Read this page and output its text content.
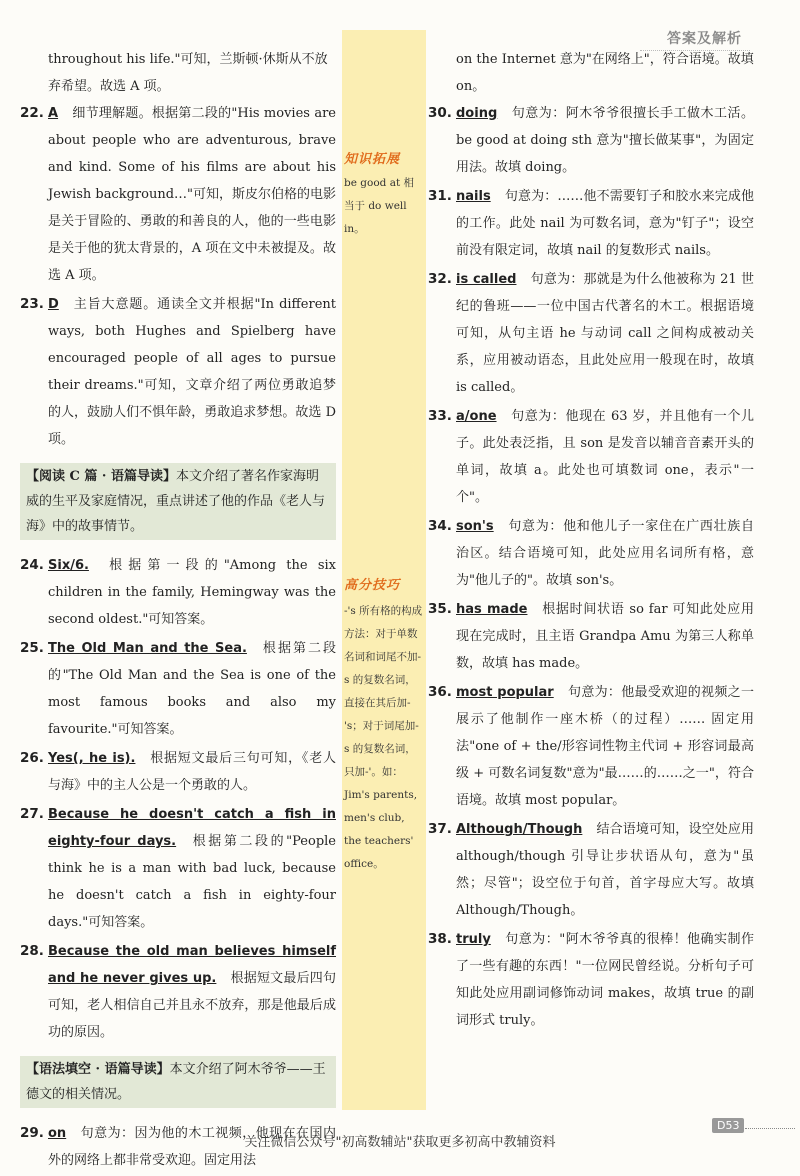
答案及解析
知识拓展
be good at 相当于 do well in。
高分技巧
-'s 所有格的构成方法：对于单数名词和词尾不加-s 的复数名词，直接在其后加-'s；对于词尾加-s 的复数名词，只加-'。如：Jim's parents, men's club, the teachers' office。
throughout his life."可知，兰斯顿·休斯从不放弃希望。故选 A 项。
22. A 细节理解题。根据第二段的"His movies are about people who are adventurous, brave and kind. Some of his films are about his Jewish background…"可知，斯皮尔伯格的电影是关于冒险的、勇敢的和善良的人，他的一些电影是关于他的犹太背景的，A 项在文中未被提及。故选 A 项。
23. D 主旨大意题。通读全文并根据"In different ways, both Hughes and Spielberg have encouraged people of all ages to pursue their dreams."可知，文章介绍了两位勇敢追梦的人，鼓励人们不惧年龄，勇敢追求梦想。故选 D 项。
【阅读 C 篇 · 语篇导读】本文介绍了著名作家海明威的生平及家庭情况，重点讲述了他的作品《老人与海》中的故事情节。
24. Six/6. 根据第一段的"Among the six children in the family, Hemingway was the second oldest."可知答案。
25. The Old Man and the Sea. 根据第二段的"The Old Man and the Sea is one of the most famous books and also my favourite."可知答案。
26. Yes(, he is). 根据短文最后三句可知，《老人与海》中的主人公是一个勇敢的人。
27. Because he doesn't catch a fish in eighty-four days. 根据第二段的"People think he is a man with bad luck, because he doesn't catch a fish in eighty-four days."可知答案。
28. Because the old man believes himself and he never gives up. 根据短文最后四句可知，老人相信自己并且永不放弃，那是他最后成功的原因。
【语法填空 · 语篇导读】本文介绍了阿木爷爷——王德文的相关情况。
29. on 句意为：因为他的木工视频，他现在在国内外的网络上都非常受欢迎。固定用法
on the Internet 意为"在网络上"，符合语境。故填 on。
30. doing 句意为：阿木爷爷很擅长手工做木工活。be good at doing sth 意为"擅长做某事"，为固定用法。故填 doing。
31. nails 句意为：……他不需要钉子和胶水来完成他的工作。此处 nail 为可数名词，意为"钉子"；设空前没有限定词，故填 nail 的复数形式 nails。
32. is called 句意为：那就是为什么他被称为 21 世纪的鲁班——一位中国古代著名的木工。根据语境可知，从句主语 he 与动词 call 之间构成被动关系，应用被动语态，且此处应用一般现在时，故填 is called。
33. a/one 句意为：他现在 63 岁，并且他有一个儿子。此处表泛指，且 son 是发音以辅音音素开头的单词，故填 a。此处也可填数词 one，表示"一个"。
34. son's 句意为：他和他儿子一家住在广西壮族自治区。结合语境可知，此处应用名词所有格，意为"他儿子的"。故填 son's。
35. has made 根据时间状语 so far 可知此处应用现在完成时，且主语 Grandpa Amu 为第三人称单数，故填 has made。
36. most popular 句意为：他最受欢迎的视频之一展示了他制作一座木桥（的过程）…… 固定用法"one of + the/形容词性物主代词 + 形容词最高级 + 可数名词复数"意为"最……的……之一"，符合语境。故填 most popular。
37. Although/Though 结合语境可知，设空处应用 although/though 引导让步状语从句，意为"虽然；尽管"；设空位于句首，首字母应大写。故填 Although/Though。
38. truly 句意为："阿木爷爷真的很棒！他确实制作了一些有趣的东西！"一位网民曾经说。分析句子可知此处应用副词修饰动词 makes，故填 true 的副词形式 truly。
D53
关注微信公众号"初高数辅站"获取更多初高中教辅资料
